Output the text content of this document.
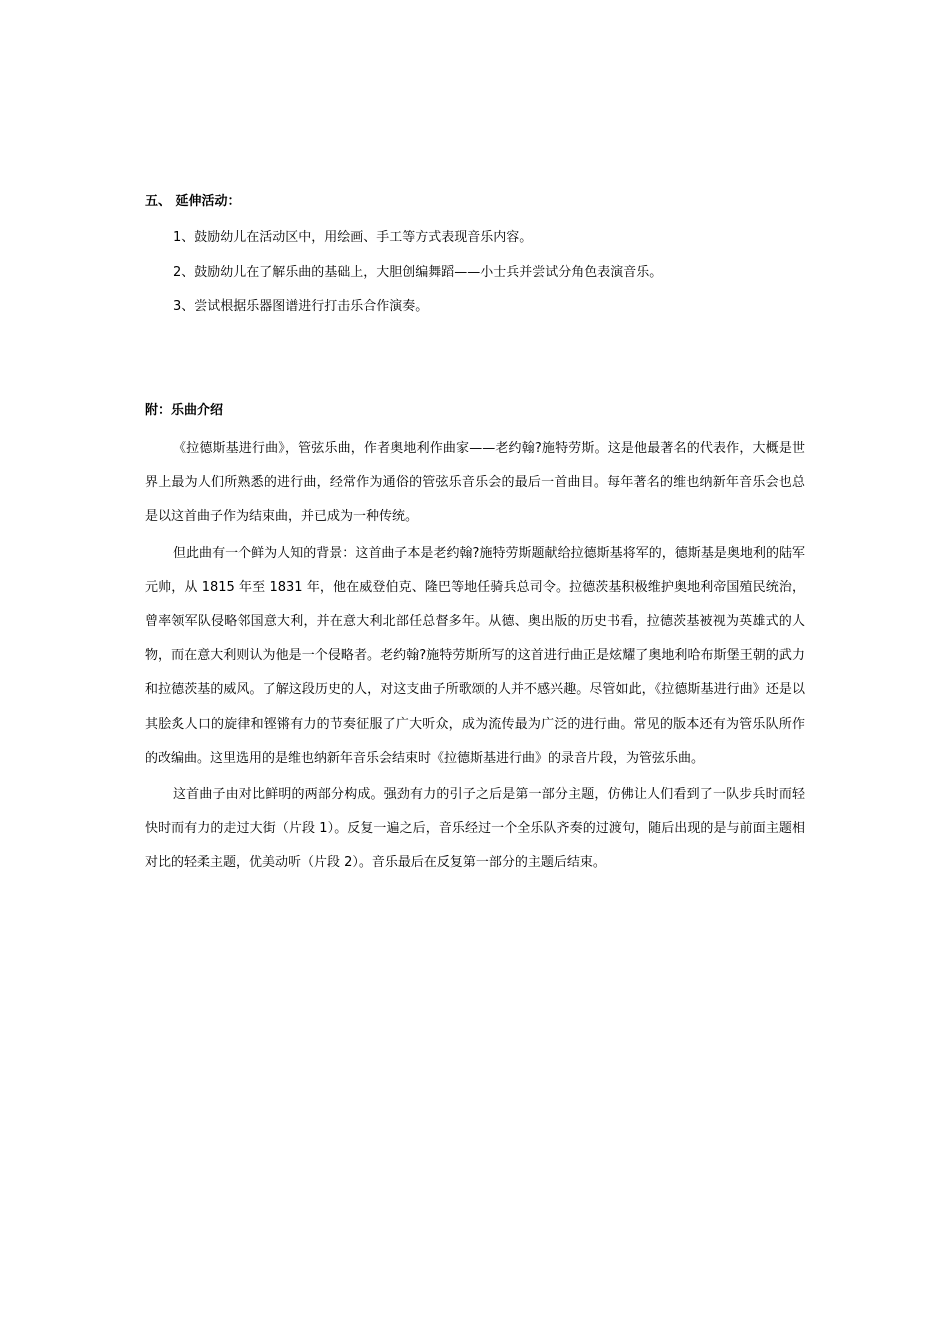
五、 延伸活动：
1、鼓励幼儿在活动区中，用绘画、手工等方式表现音乐内容。
2、鼓励幼儿在了解乐曲的基础上，大胆创编舞蹈——小士兵并尝试分角色表演音乐。
3、尝试根据乐器图谱进行打击乐合作演奏。
附：乐曲介绍

《拉德斯基进行曲》，管弦乐曲，作者奥地利作曲家——老约翰?施特劳斯。这是他最著名的代表作，大概是世界上最为人们所熟悉的进行曲，经常作为通俗的管弦乐音乐会的最后一首曲目。每年著名的维也纳新年音乐会也总是以这首曲子作为结束曲，并已成为一种传统。

但此曲有一个鲜为人知的背景：这首曲子本是老约翰?施特劳斯题献给拉德斯基将军的，德斯基是奥地利的陆军元帅，从 1815 年至 1831 年，他在威登伯克、隆巴等地任骑兵总司令。拉德茨基积极维护奥地利帝国殖民统治，曾率领军队侵略邻国意大利，并在意大利北部任总督多年。从德、奥出版的历史书看，拉德茨基被视为英雄式的人物，而在意大利则认为他是一个侵略者。老约翰?施特劳斯所写的这首进行曲正是炫耀了奥地利哈布斯堡王朝的武力和拉德茨基的威风。了解这段历史的人，对这支曲子所歌颂的人并不感兴趣。尽管如此，《拉德斯基进行曲》还是以其脍炙人口的旋律和铿锵有力的节奏征服了广大听众，成为流传最为广泛的进行曲。常见的版本还有为管乐队所作的改编曲。这里选用的是维也纳新年音乐会结束时《拉德斯基进行曲》的录音片段，为管弦乐曲。

这首曲子由对比鲜明的两部分构成。强劲有力的引子之后是第一部分主题，仿佛让人们看到了一队步兵时而轻快时而有力的走过大街（片段 1）。反复一遍之后，音乐经过一个全乐队齐奏的过渡句，随后出现的是与前面主题相对比的轻柔主题，优美动听（片段 2）。音乐最后在反复第一部分的主题后结束。
